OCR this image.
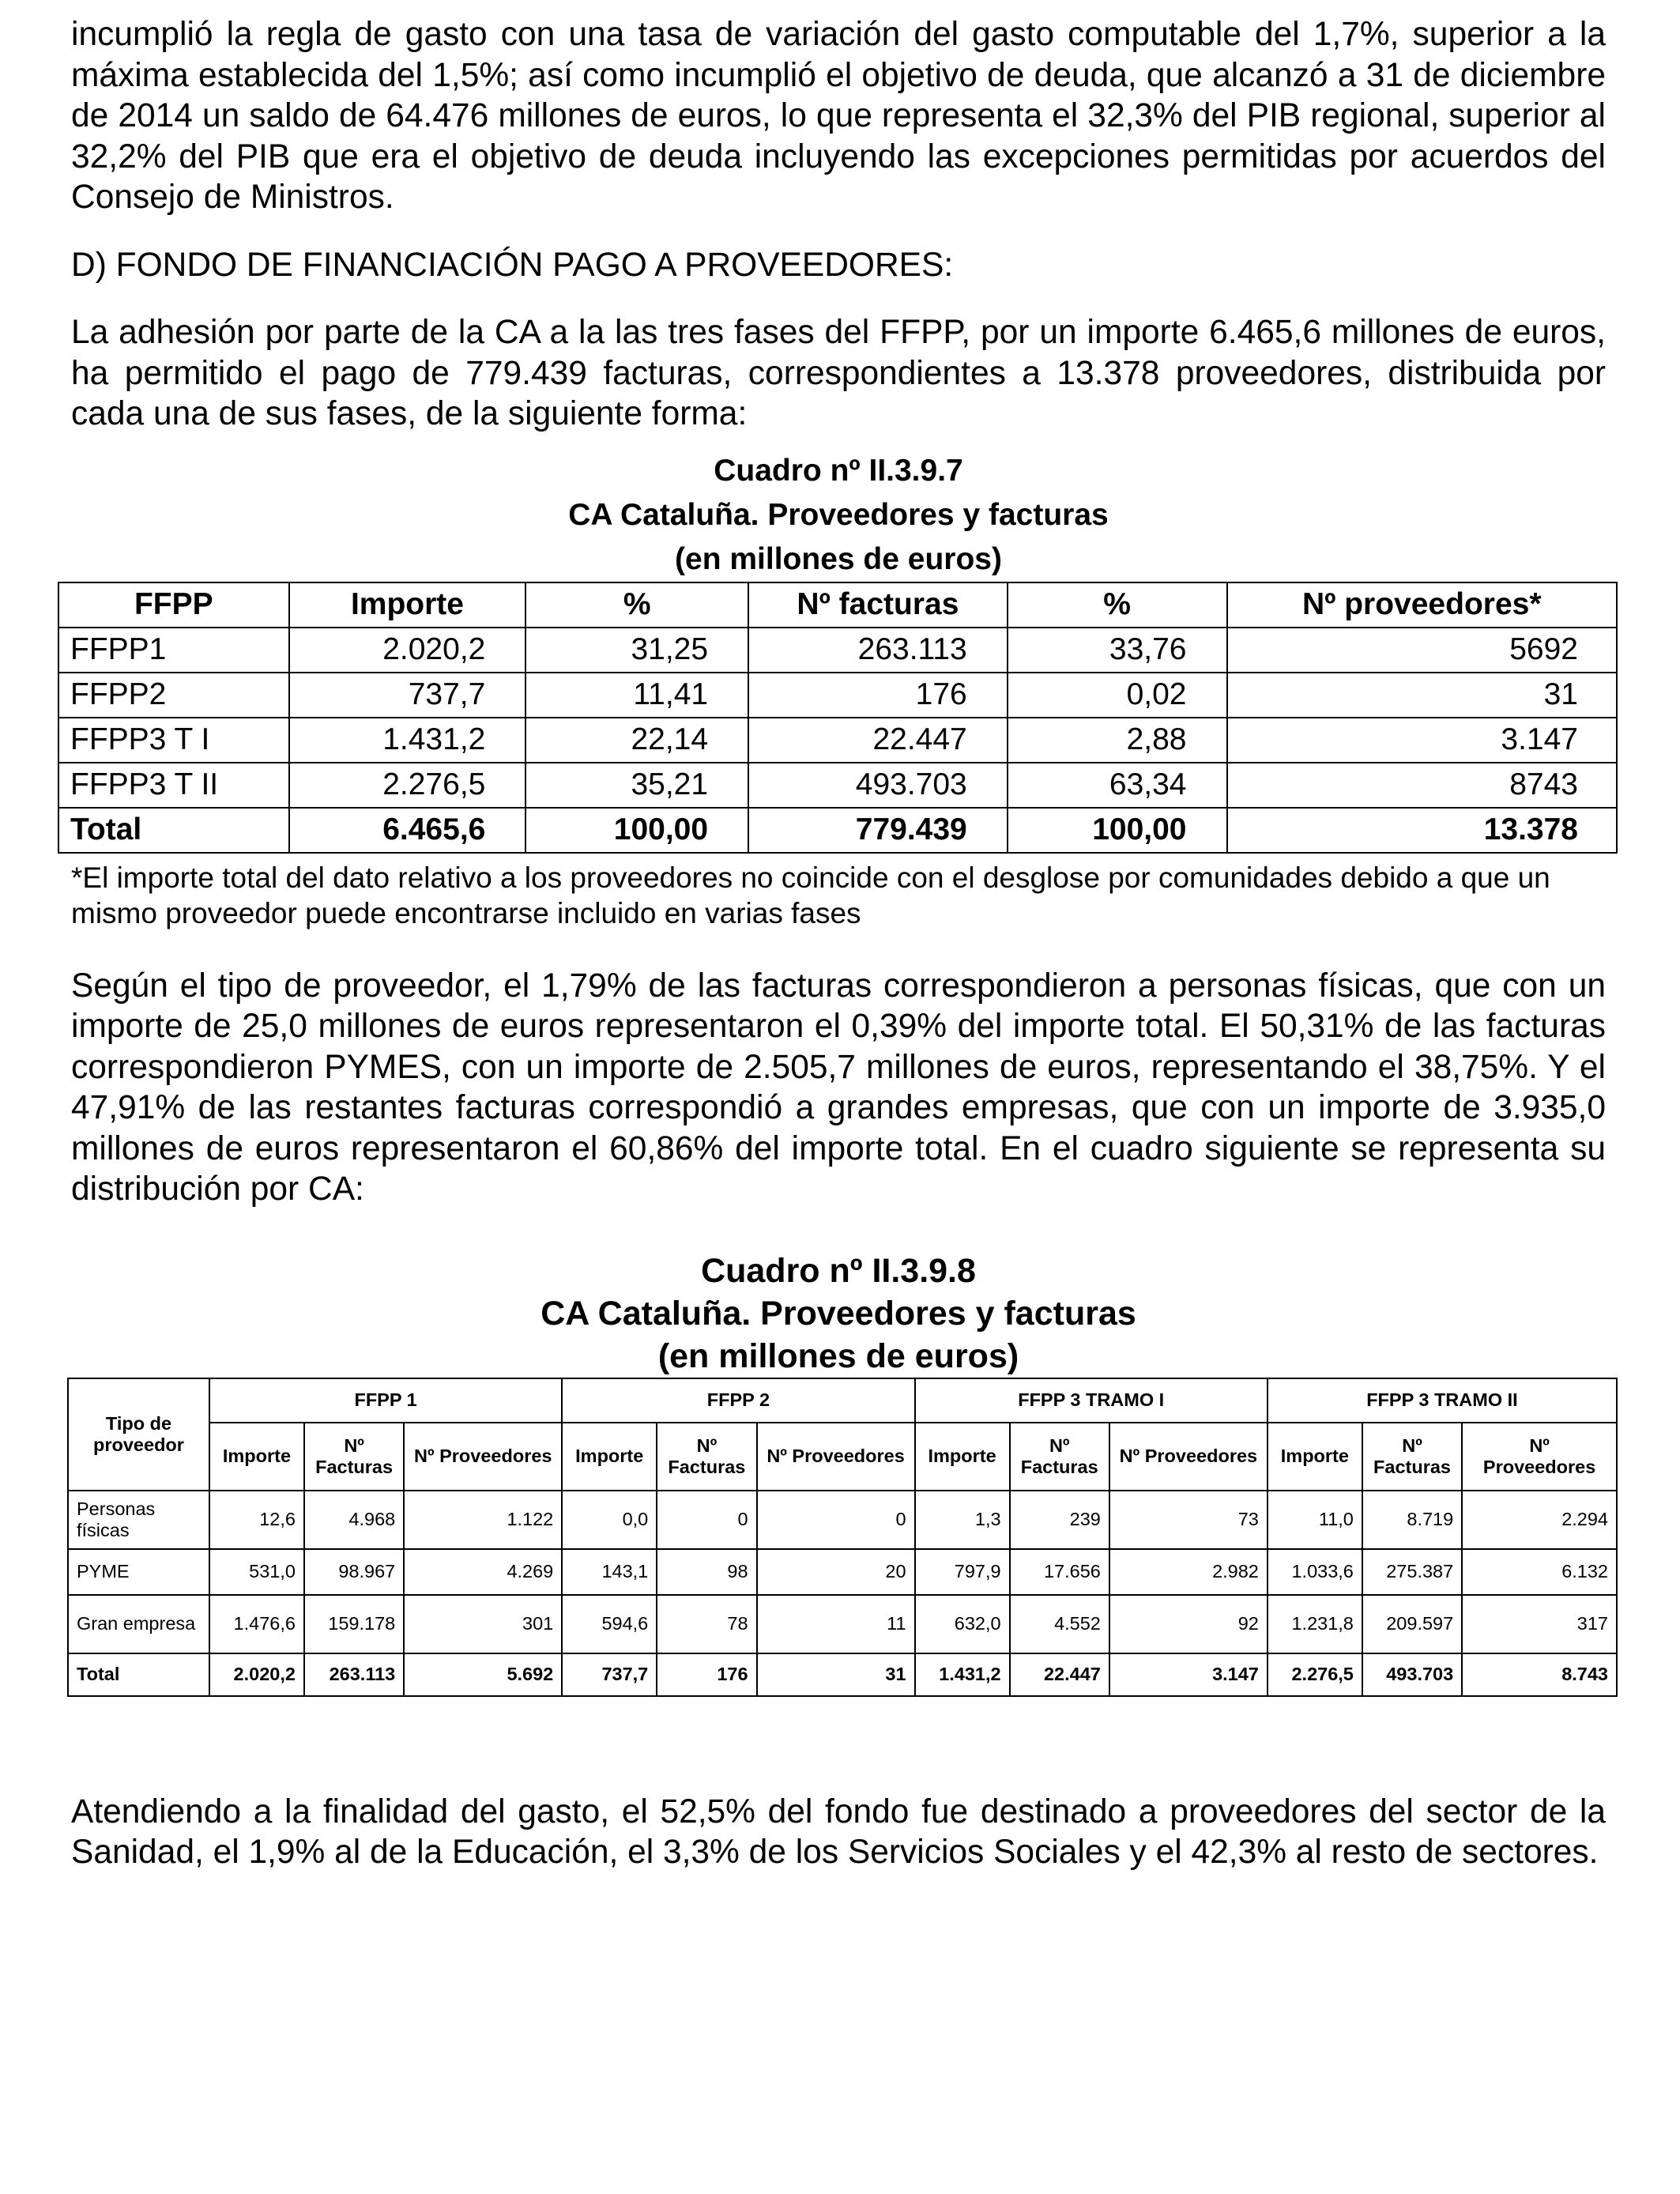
incumplió la regla de gasto con una tasa de variación del gasto computable del 1,7%, superior a la máxima establecida del 1,5%; así como incumplió el objetivo de deuda, que alcanzó a 31 de diciembre de 2014 un saldo de 64.476 millones de euros, lo que representa el 32,3% del PIB regional, superior al 32,2% del PIB que era el objetivo de deuda incluyendo las excepciones permitidas por acuerdos del Consejo de Ministros.

D) FONDO DE FINANCIACIÓN PAGO A PROVEEDORES:

La adhesión por parte de la CA a la las tres fases del FFPP, por un importe 6.465,6 millones de euros, ha permitido el pago de 779.439 facturas, correspondientes a 13.378 proveedores, distribuida por cada una de sus fases, de la siguiente forma:

Cuadro nº II.3.9.7
CA Cataluña. Proveedores y facturas
(en millones de euros)
FFPP	Importe	%	Nº facturas	%	Nº proveedores*
FFPP1	2.020,2	31,25	263.113	33,76	5692
FFPP2	737,7	11,41	176	0,02	31
FFPP3 T I	1.431,2	22,14	22.447	2,88	3.147
FFPP3 T II	2.276,5	35,21	493.703	63,34	8743
Total	6.465,6	100,00	779.439	100,00	13.378

*El importe total del dato relativo a los proveedores no coincide con el desglose por comunidades debido a que un mismo proveedor puede encontrarse incluido en varias fases

Según el tipo de proveedor, el 1,79% de las facturas correspondieron a personas físicas, que con un importe de 25,0 millones de euros representaron el 0,39% del importe total. El 50,31% de las facturas correspondieron PYMES, con un importe de 2.505,7 millones de euros, representando el 38,75%. Y el 47,91% de las restantes facturas correspondió a grandes empresas, que con un importe de 3.935,0 millones de euros representaron el 60,86% del importe total. En el cuadro siguiente se representa su distribución por CA:

Cuadro nº II.3.9.8
CA Cataluña. Proveedores y facturas
(en millones de euros)
Tipo de proveedor	FFPP 1			FFPP 2			FFPP 3 TRAMO I			FFPP 3 TRAMO II		
	Importe	Nº Facturas	Nº Proveedores	Importe	Nº Facturas	Nº Proveedores	Importe	Nº Facturas	Nº Proveedores	Importe	Nº Facturas	Nº Proveedores
Personas físicas	12,6	4.968	1.122	0,0	0	0	1,3	239	73	11,0	8.719	2.294
PYME	531,0	98.967	4.269	143,1	98	20	797,9	17.656	2.982	1.033,6	275.387	6.132
Gran empresa	1.476,6	159.178	301	594,6	78	11	632,0	4.552	92	1.231,8	209.597	317
Total	2.020,2	263.113	5.692	737,7	176	31	1.431,2	22.447	3.147	2.276,5	493.703	8.743

Atendiendo a la finalidad del gasto, el 52,5% del fondo fue destinado a proveedores del sector de la Sanidad, el 1,9% al de la Educación, el 3,3% de los Servicios Sociales y el 42,3% al resto de sectores.
